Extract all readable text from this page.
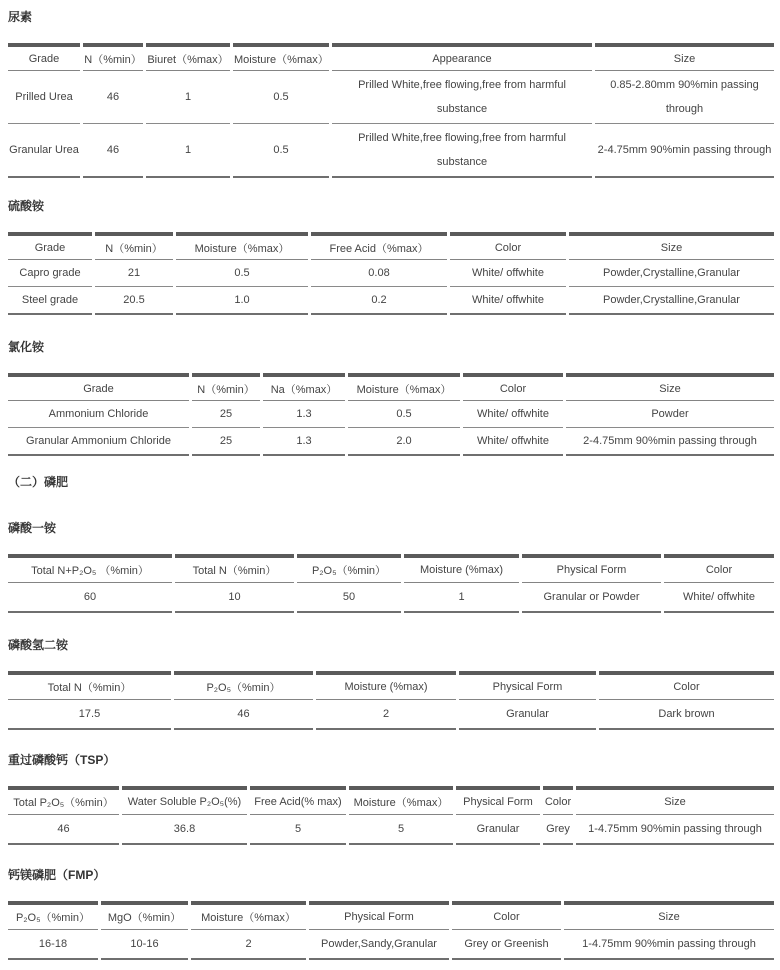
尿素
Grade	N（%min）	Biuret（%max）	Moisture（%max）	Appearance	Size
Prilled Urea	46	1	0.5	Prilled White,free flowing,free from harmful substance	0.85-2.80mm 90%min passing through
Granular Urea	46	1	0.5	Prilled White,free flowing,free from harmful substance	2-4.75mm 90%min passing through
硫酸铵
Grade	N（%min）	Moisture（%max）	Free Acid（%max）	Color	Size
Capro grade	21	0.5	0.08	White/ offwhite	Powder,Crystalline,Granular
Steel grade	20.5	1.0	0.2	White/ offwhite	Powder,Crystalline,Granular
氯化铵
Grade	N（%min）	Na（%max）	Moisture（%max）	Color	Size
Ammonium Chloride	25	1.3	0.5	White/ offwhite	Powder
Granular Ammonium Chloride	25	1.3	2.0	White/ offwhite	2-4.75mm 90%min passing through
（二）磷肥
磷酸一铵
Total N+P₂O₅ （%min）	Total N（%min）	P₂O₅（%min）	Moisture (%max)	Physical Form	Color
60	10	50	1	Granular or Powder	White/ offwhite
磷酸氢二铵
Total N（%min）	P₂O₅（%min）	Moisture (%max)	Physical Form	Color
17.5	46	2	Granular	Dark brown
重过磷酸钙（TSP）
Total P₂O₅（%min）	Water Soluble P₂O₅(%)	Free Acid(% max)	Moisture（%max）	Physical Form	Color	Size
46	36.8	5	5	Granular	Grey	1-4.75mm 90%min passing through
钙镁磷肥（FMP）
P₂O₅（%min）	MgO（%min）	Moisture（%max）	Physical Form	Color	Size
16-18	10-16	2	Powder,Sandy,Granular	Grey or Greenish	1-4.75mm 90%min passing through
